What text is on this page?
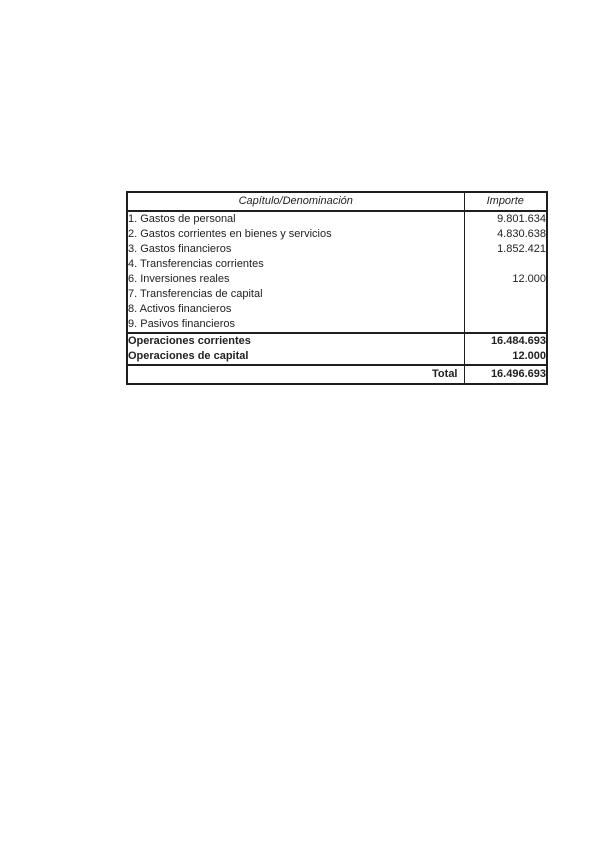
Capítulo/Denominación	Importe
1. Gastos de personal	9.801.634
2. Gastos corrientes en bienes y servicios	4.830.638
3. Gastos financieros	1.852.421
4. Transferencias corrientes	
6. Inversiones reales	12.000
7. Transferencias de capital	
8. Activos financieros	
9. Pasivos financieros	
Operaciones corrientes	16.484.693
Operaciones de capital	12.000
Total	16.496.693
